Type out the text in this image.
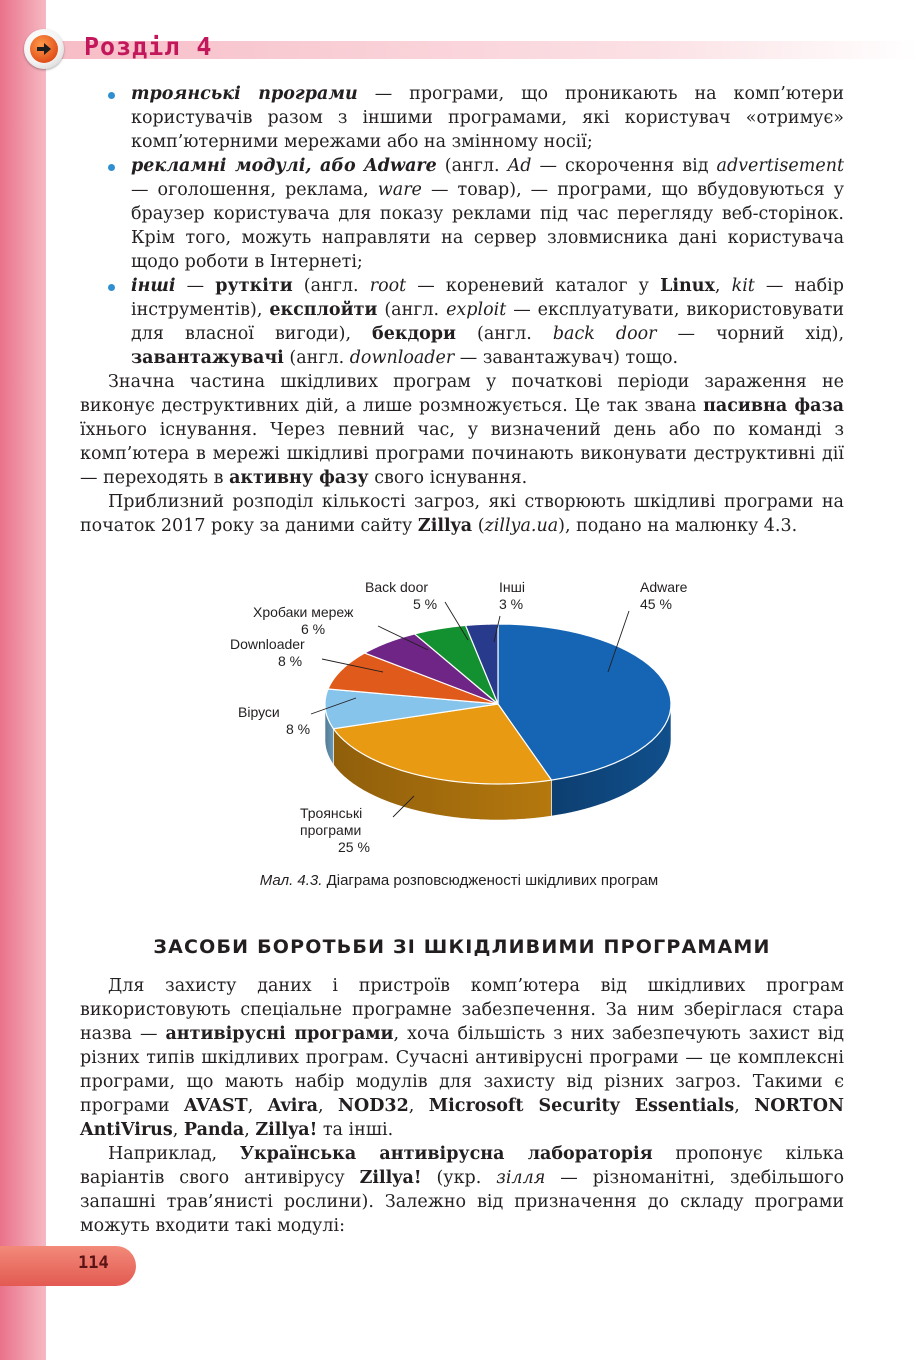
Розділ 4
троянські програми — програми, що проникають на комп’ютери користувачів разом з іншими програмами, які користувач «отримує» комп’ютерними мережами або на змінному носії;
рекламні модулі, або Adware (англ. Ad — скорочення від advertisement — оголошення, реклама, ware — товар), — програми, що вбудовуються у браузер користувача для показу реклами під час перегляду веб-сторінок. Крім того, можуть направляти на сервер зловмисника дані користувача щодо роботи в Інтернеті;
інші — руткіти (англ. root — кореневий каталог у Linux, kit — набір інструментів), експлойти (англ. exploit — експлуатувати, використовувати для власної вигоди), бекдори (англ. back door — чорний хід), завантажувачі (англ. downloader — завантажувач) тощо.

Значна частина шкідливих програм у початкові періоди зараження не виконує деструктивних дій, а лише розмножується. Це так звана пасивна фаза їхнього існування. Через певний час, у визначений день або по команді з комп’ютера в мережі шкідливі програми починають виконувати деструктивні дії — переходять в активну фазу свого існування.

Приблизний розподіл кількості загроз, які створюють шкідливі програми на початок 2017 року за даними сайту Zillya (zillya.ua), подано на малюнку 4.3.

Adware
45 %
Троянські
програми
25 %
Віруси
8 %
Downloader
8 %
Хробаки мереж
6 %
Back door
5 %
Інші
3 %
Мал. 4.3. Діаграма розповсюдженості шкідливих програм
ЗАСОБИ БОРОТЬБИ ЗІ ШКІДЛИВИМИ ПРОГРАМАМИ

Для захисту даних і пристроїв комп’ютера від шкідливих програм використовують спеціальне програмне забезпечення. За ним зберіглася стара назва — антивірусні програми, хоча більшість з них забезпечують захист від різних типів шкідливих програм. Сучасні антивірусні програми — це комплексні програми, що мають набір модулів для захисту від різних загроз. Такими є програми AVAST, Avira, NOD32, Microsoft Security Essentials, NORTON AntiVirus, Panda, Zillya! та інші.

Наприклад, Українська антивірусна лабораторія пропонує кілька варіантів свого антивірусу Zillya! (укр. зілля — різноманітні, здебільшого запашні трав’янисті рослини). Залежно від призначення до складу програми можуть входити такі модулі:

114
